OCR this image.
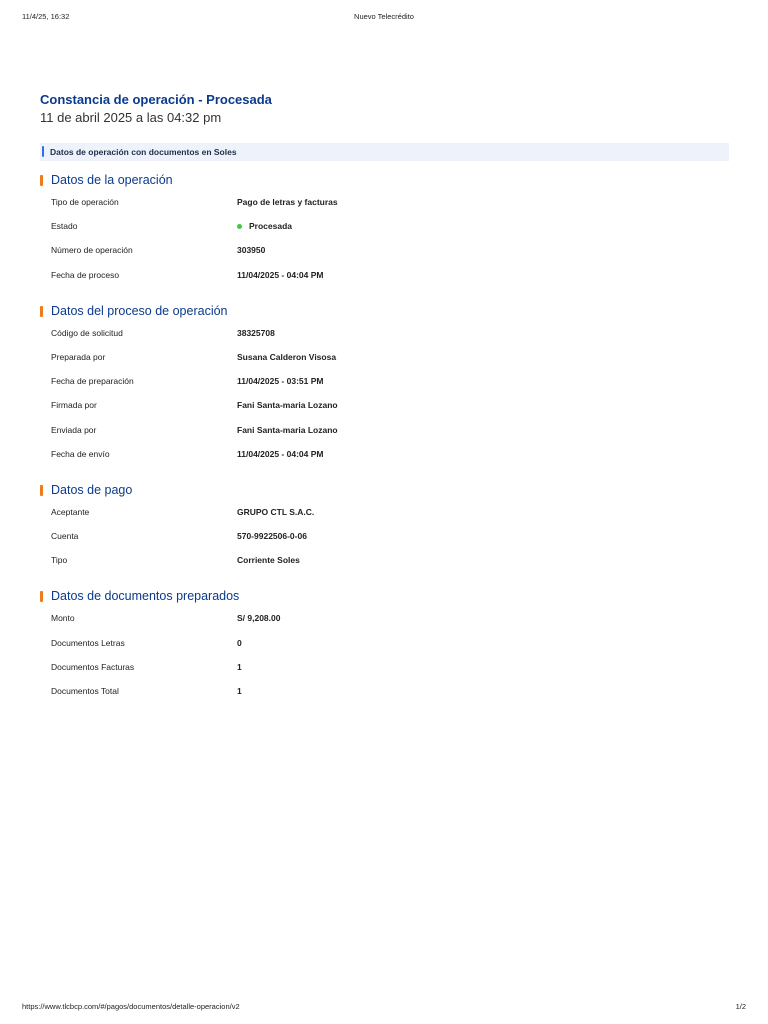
11/4/25, 16:32	Nuevo Telecrédito
Constancia de operación - Procesada
11 de abril 2025 a las 04:32 pm
Datos de operación con documentos en Soles
Datos de la operación
Tipo de operación	Pago de letras y facturas
Estado	Procesada
Número de operación	303950
Fecha de proceso	11/04/2025 - 04:04 PM
Datos del proceso de operación
Código de solicitud	38325708
Preparada por	Susana Calderon Visosa
Fecha de preparación	11/04/2025 - 03:51 PM
Firmada por	Fani Santa-maria Lozano
Enviada por	Fani Santa-maria Lozano
Fecha de envío	11/04/2025 - 04:04 PM
Datos de pago
Aceptante	GRUPO CTL S.A.C.
Cuenta	570-9922506-0-06
Tipo	Corriente Soles
Datos de documentos preparados
Monto	S/ 9,208.00
Documentos Letras	0
Documentos Facturas	1
Documentos Total	1
https://www.tlcbcp.com/#/pagos/documentos/detalle-operacion/v2	1/2
